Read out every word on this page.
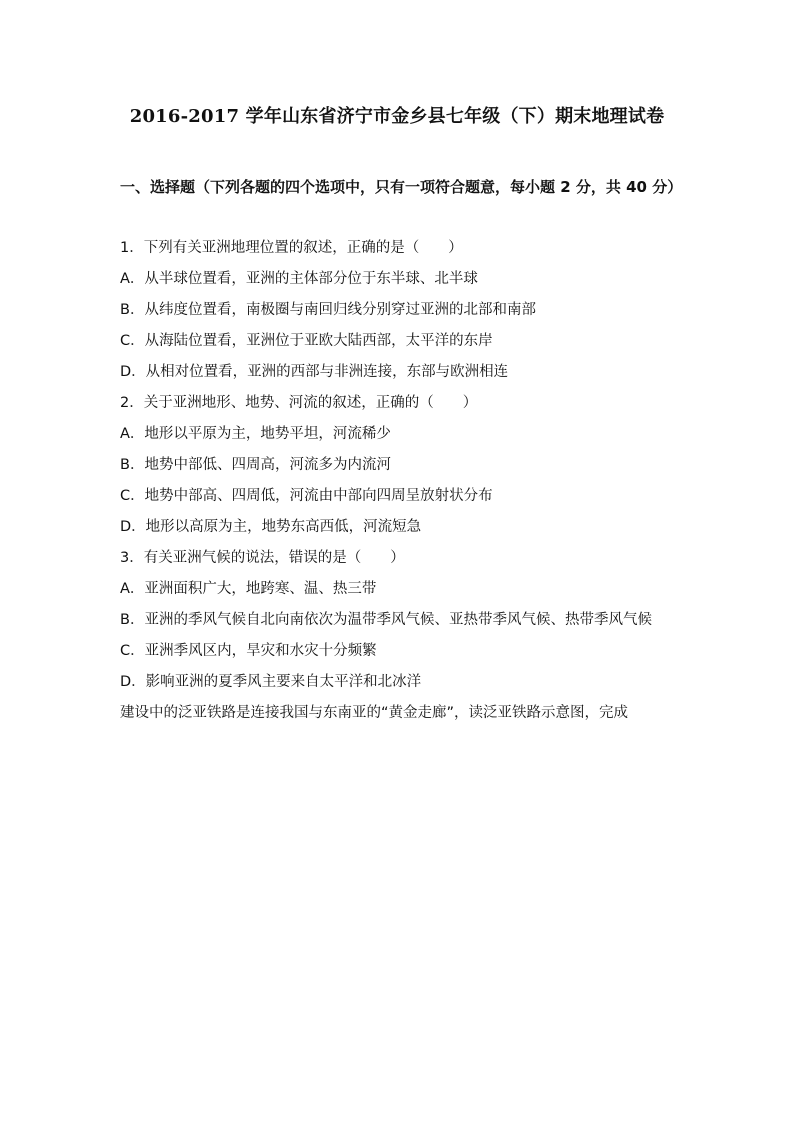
2016-2017 学年山东省济宁市金乡县七年级（下）期末地理试卷
一、选择题（下列各题的四个选项中，只有一项符合题意，每小题 2 分，共 40 分）
1．下列有关亚洲地理位置的叙述，正确的是（　　）
A．从半球位置看，亚洲的主体部分位于东半球、北半球
B．从纬度位置看，南极圈与南回归线分别穿过亚洲的北部和南部
C．从海陆位置看，亚洲位于亚欧大陆西部，太平洋的东岸
D．从相对位置看，亚洲的西部与非洲连接，东部与欧洲相连
2．关于亚洲地形、地势、河流的叙述，正确的（　　）
A．地形以平原为主，地势平坦，河流稀少
B．地势中部低、四周高，河流多为内流河
C．地势中部高、四周低，河流由中部向四周呈放射状分布
D．地形以高原为主，地势东高西低，河流短急
3．有关亚洲气候的说法，错误的是（　　）
A．亚洲面积广大，地跨寒、温、热三带
B．亚洲的季风气候自北向南依次为温带季风气候、亚热带季风气候、热带季风气候
C．亚洲季风区内，旱灾和水灾十分频繁
D．影响亚洲的夏季风主要来自太平洋和北冰洋
建设中的泛亚铁路是连接我国与东南亚的“黄金走廊”，读泛亚铁路示意图，完成
